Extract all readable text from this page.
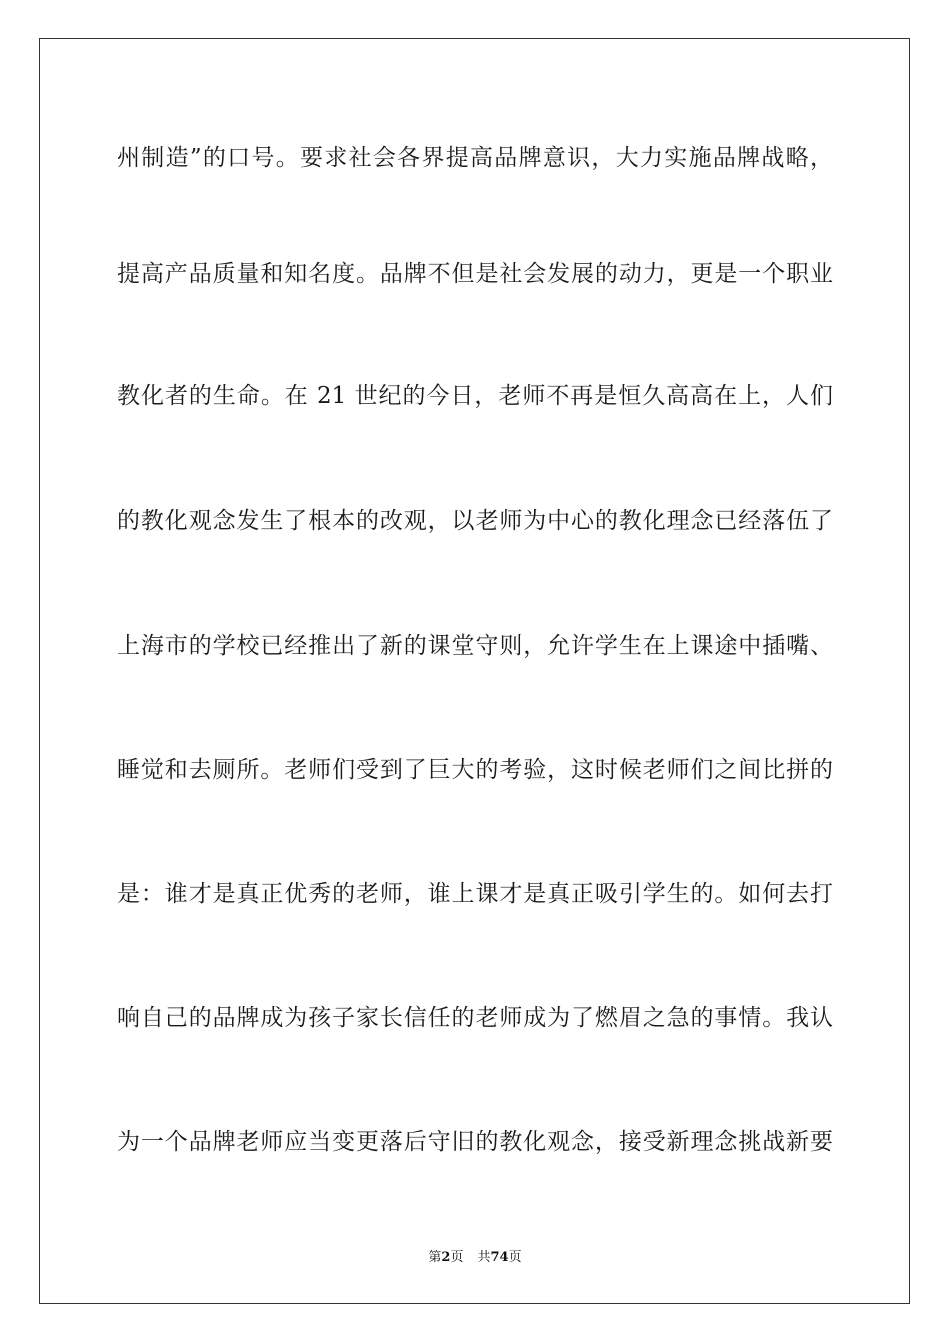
州制造”的口号。要求社会各界提高品牌意识，大力实施品牌战略，
提高产品质量和知名度。品牌不但是社会发展的动力，更是一个职业
教化者的生命。在 21 世纪的今日，老师不再是恒久高高在上，人们
的教化观念发生了根本的改观，以老师为中心的教化理念已经落伍了
上海市的学校已经推出了新的课堂守则，允许学生在上课途中插嘴、
睡觉和去厕所。老师们受到了巨大的考验，这时候老师们之间比拼的
是：谁才是真正优秀的老师，谁上课才是真正吸引学生的。如何去打
响自己的品牌成为孩子家长信任的老师成为了燃眉之急的事情。我认
为一个品牌老师应当变更落后守旧的教化观念，接受新理念挑战新要
第2页 共74页
